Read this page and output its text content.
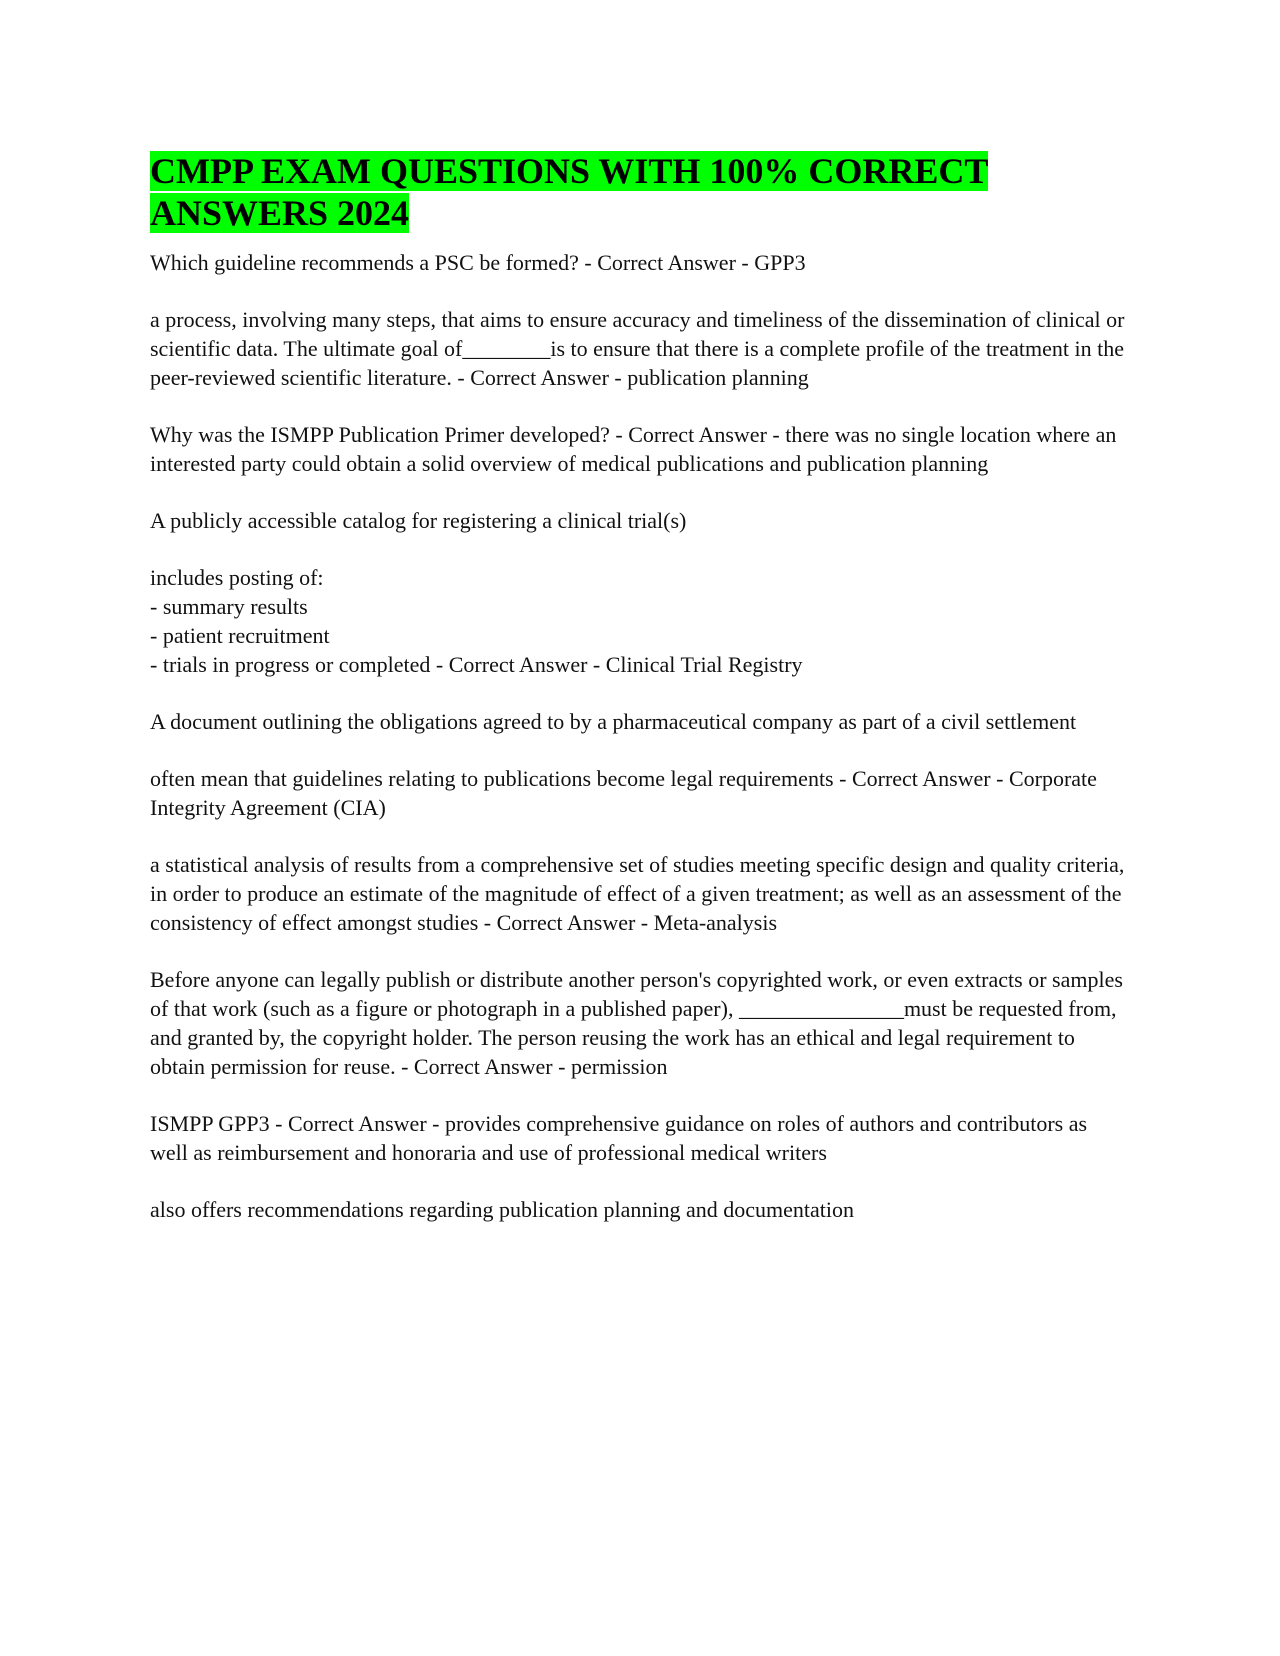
CMPP EXAM QUESTIONS WITH 100% CORRECT ANSWERS 2024

Which guideline recommends a PSC be formed? - Correct Answer - GPP3

a process, involving many steps, that aims to ensure accuracy and timeliness of the dissemination of clinical or scientific data. The ultimate goal of________is to ensure that there is a complete profile of the treatment in the peer-reviewed scientific literature. - Correct Answer - publication planning

Why was the ISMPP Publication Primer developed? - Correct Answer - there was no single location where an interested party could obtain a solid overview of medical publications and publication planning

A publicly accessible catalog for registering a clinical trial(s)

includes posting of:
- summary results
- patient recruitment
- trials in progress or completed - Correct Answer - Clinical Trial Registry

A document outlining the obligations agreed to by a pharmaceutical company as part of a civil settlement

often mean that guidelines relating to publications become legal requirements - Correct Answer - Corporate Integrity Agreement (CIA)

a statistical analysis of results from a comprehensive set of studies meeting specific design and quality criteria, in order to produce an estimate of the magnitude of effect of a given treatment; as well as an assessment of the consistency of effect amongst studies - Correct Answer - Meta-analysis

Before anyone can legally publish or distribute another person's copyrighted work, or even extracts or samples of that work (such as a figure or photograph in a published paper), _______________must be requested from, and granted by, the copyright holder. The person reusing the work has an ethical and legal requirement to obtain permission for reuse. - Correct Answer - permission

ISMPP GPP3 - Correct Answer - provides comprehensive guidance on roles of authors and contributors as well as reimbursement and honoraria and use of professional medical writers

also offers recommendations regarding publication planning and documentation
